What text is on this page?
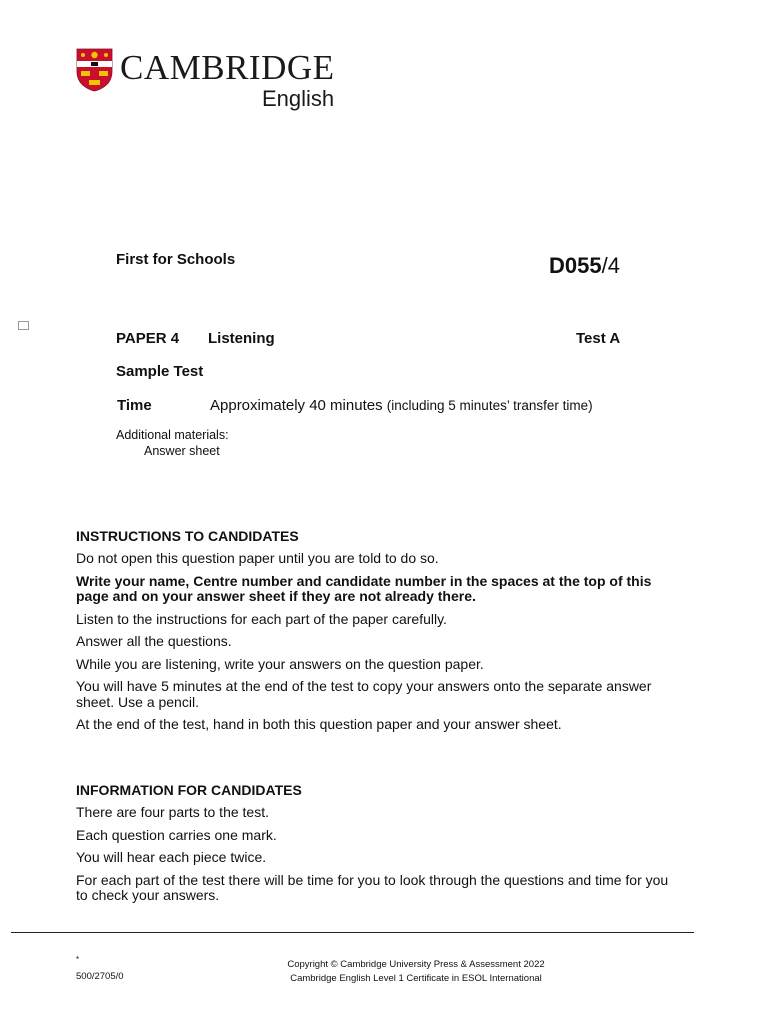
CAMBRIDGE
English
First for Schools	D055/4
PAPER 4 Listening	Test A
Sample Test
Time	Approximately 40 minutes (including 5 minutes’ transfer time)
Additional materials:
Answer sheet
INSTRUCTIONS TO CANDIDATES
Do not open this question paper until you are told to do so.
Write your name, Centre number and candidate number in the spaces at the top of this page and on your answer sheet if they are not already there.
Listen to the instructions for each part of the paper carefully.
Answer all the questions.
While you are listening, write your answers on the question paper.
You will have 5 minutes at the end of the test to copy your answers onto the separate answer sheet. Use a pencil.
At the end of the test, hand in both this question paper and your answer sheet.
INFORMATION FOR CANDIDATES
There are four parts to the test.
Each question carries one mark.
You will hear each piece twice.
For each part of the test there will be time for you to look through the questions and time for you to check your answers.
*
500/2705/0
Copyright © Cambridge University Press & Assessment 2022
Cambridge English Level 1 Certificate in ESOL International
